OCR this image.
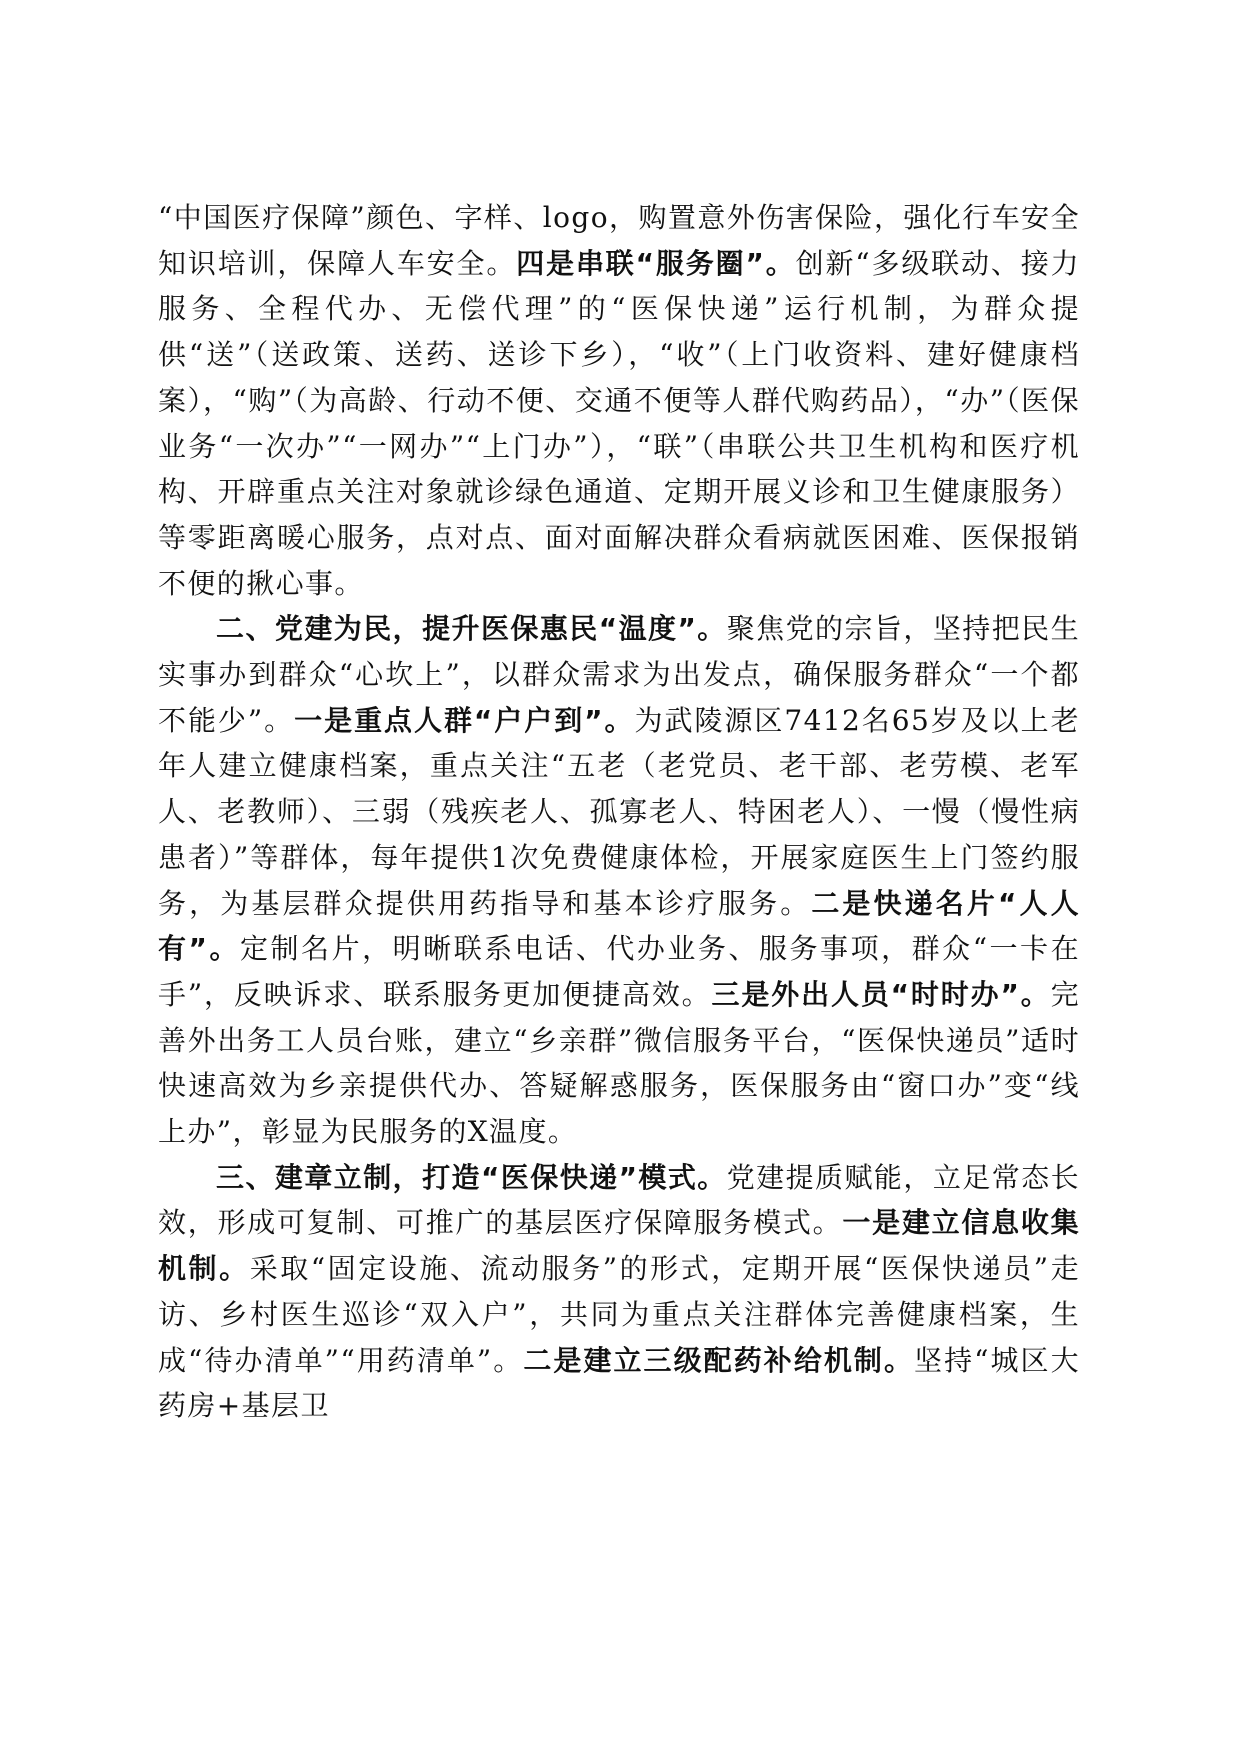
“中国医疗保障”颜色、字样、logo，购置意外伤害保险，强化行车安全知识培训，保障人车安全。四是串联“服务圈”。创新“多级联动、接力服务、全程代办、无偿代理”的“医保快递”运行机制，为群众提供“送”（送政策、送药、送诊下乡），“收”（上门收资料、建好健康档案），“购”（为高龄、行动不便、交通不便等人群代购药品），“办”（医保业务“一次办”“一网办”“上门办”），“联”（串联公共卫生机构和医疗机构、开辟重点关注对象就诊绿色通道、定期开展义诊和卫生健康服务）等零距离暖心服务，点对点、面对面解决群众看病就医困难、医保报销不便的揪心事。

二、党建为民，提升医保惠民“温度”。聚焦党的宗旨，坚持把民生实事办到群众“心坎上”，以群众需求为出发点，确保服务群众“一个都不能少”。一是重点人群“户户到”。为武陵源区7412名65岁及以上老年人建立健康档案，重点关注“五老（老党员、老干部、老劳模、老军人、老教师）、三弱（残疾老人、孤寡老人、特困老人）、一慢（慢性病患者）”等群体，每年提供1次免费健康体检，开展家庭医生上门签约服务，为基层群众提供用药指导和基本诊疗服务。二是快递名片“人人有”。定制名片，明晰联系电话、代办业务、服务事项，群众“一卡在手”，反映诉求、联系服务更加便捷高效。三是外出人员“时时办”。完善外出务工人员台账，建立“乡亲群”微信服务平台，“医保快递员”适时快速高效为乡亲提供代办、答疑解惑服务，医保服务由“窗口办”变“线上办”，彰显为民服务的X温度。

三、建章立制，打造“医保快递”模式。党建提质赋能，立足常态长效，形成可复制、可推广的基层医疗保障服务模式。一是建立信息收集机制。采取“固定设施、流动服务”的形式，定期开展“医保快递员”走访、乡村医生巡诊“双入户”，共同为重点关注群体完善健康档案，生成“待办清单”“用药清单”。二是建立三级配药补给机制。坚持“城区大药房+基层卫
